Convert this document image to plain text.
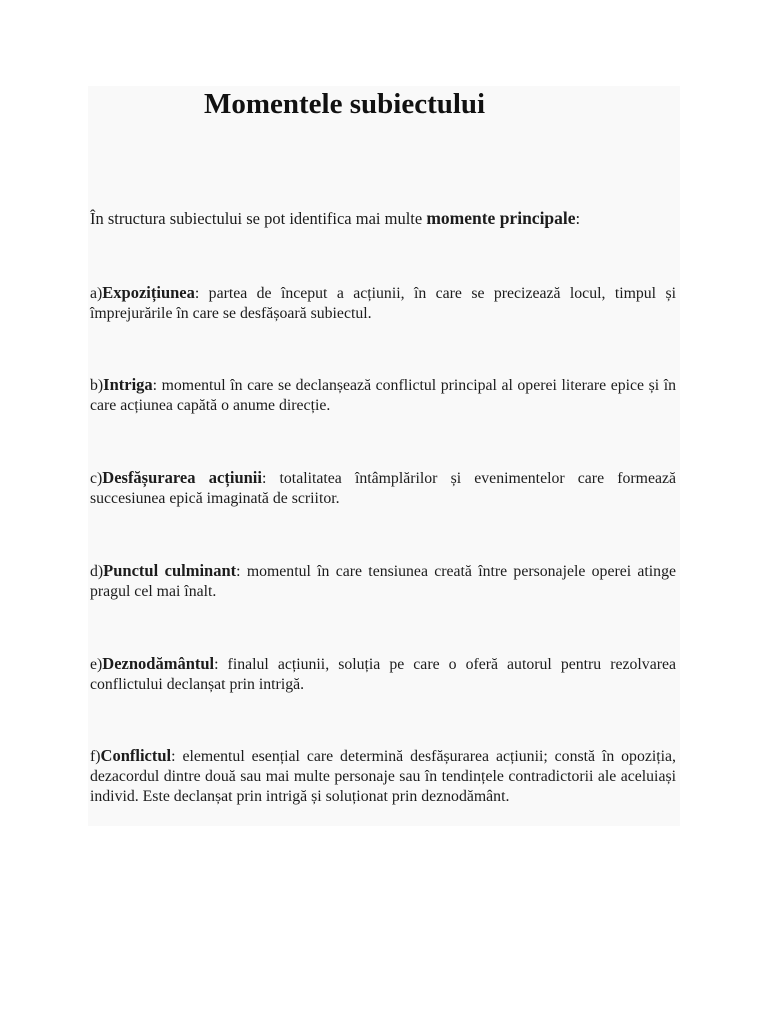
Momentele subiectului

În structura subiectului se pot identifica mai multe momente principale:

a)Expozițiunea: partea de început a acțiunii, în care se precizează locul, timpul și împrejurările în care se desfășoară subiectul.

b)Intriga: momentul în care se declanșează conflictul principal al operei literare epice și în care acțiunea capătă o anume direcție.

c)Desfășurarea acțiunii: totalitatea întâmplărilor și evenimentelor care formează succesiunea epică imaginată de scriitor.

d)Punctul culminant: momentul în care tensiunea creată între personajele operei atinge pragul cel mai înalt.

e)Deznodământul: finalul acțiunii, soluția pe care o oferă autorul pentru rezolvarea conflictului declanșat prin intrigă.

f)Conflictul: elementul esențial care determină desfășurarea acțiunii; constă în opoziția, dezacordul dintre două sau mai multe personaje sau în tendințele contradictorii ale aceluiași individ. Este declanșat prin intrigă și soluționat prin deznodământ.
